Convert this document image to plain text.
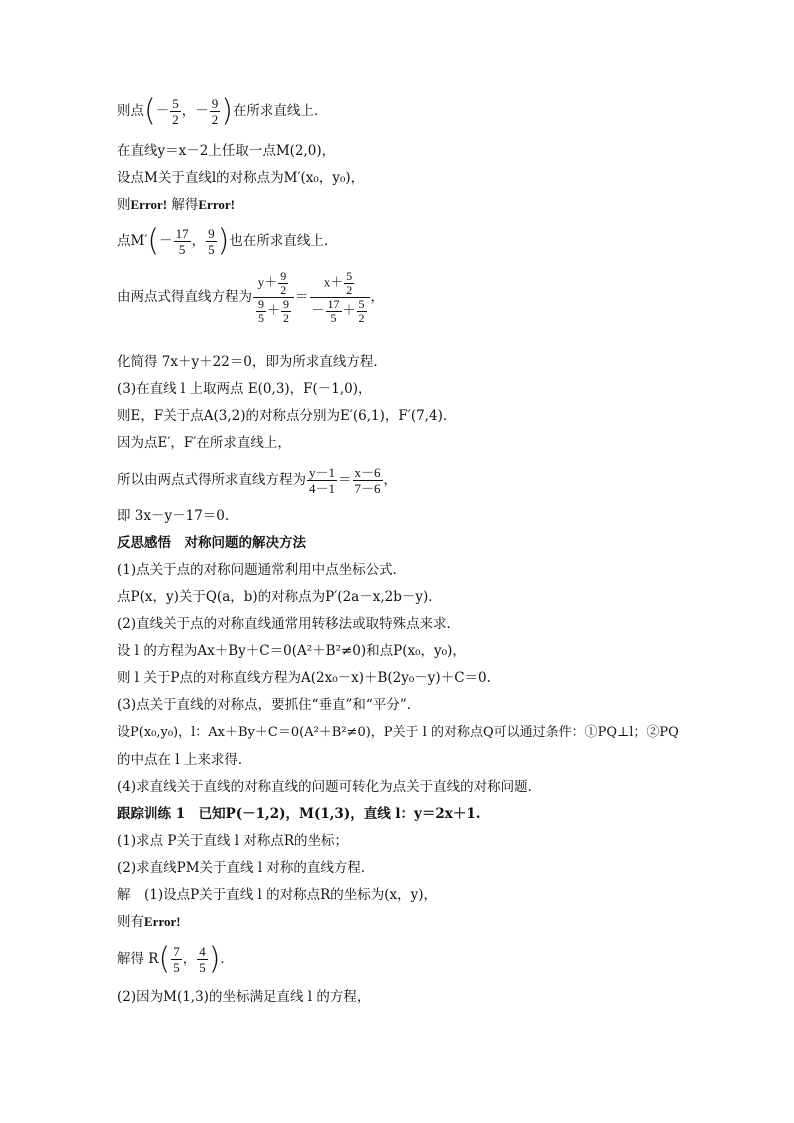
则点(－ $\frac{5}{2}$ ，－ $\frac{9}{2}$ )在所求直线上．
在直线y＝x－2上任取一点M(2,0)，
设点M关于直线l的对称点为M′(x₀，y₀)，
则Error! 解得Error!
点$M'(- \frac{17}{5}$ ， $\frac{9}{5}$ )也在所求直线上．
由两点式得直线方程为 $\frac{y+ \frac{9}{2}}{\frac{9}{5} + \frac{9}{2}} = \frac{x+ \frac{5}{2}}{- \frac{17}{5} + \frac{5}{2}}$ ，
化简得 7x＋y＋22＝0，即为所求直线方程．
(3)在直线 l 上取两点 E(0,3)，F(－1,0)，
则E，F关于点A(3,2)的对称点分别为E′(6,1)，F′(7,4)．
因为点E′，F′在所求直线上，
所以由两点式得所求直线方程为 $\frac{y-1}{4-1} = \frac{x-6}{7-6}$ ，
即 3x－y－17＝0.
反思感悟　对称问题的解决方法
(1)点关于点的对称问题通常利用中点坐标公式．
点P(x，y)关于Q(a，b)的对称点为P′(2a－x,2b－y)．
(2)直线关于点的对称直线通常用转移法或取特殊点来求．
设 l 的方程为Ax＋By＋C＝0(A²＋B²≠0)和点P(x₀，y₀)，
则 l 关于P点的对称直线方程为A(2x₀－x)＋B(2y₀－y)＋C＝0.
(3)点关于直线的对称点，要抓住“垂直”和“平分”．
设P(x₀,y₀)，l：Ax＋By＋C＝0(A²＋B²≠0)，P关于 l 的对称点Q可以通过条件：①PQ⊥l；②PQ
的中点在 l 上来求得．
(4)求直线关于直线的对称直线的问题可转化为点关于直线的对称问题．
跟踪训练 1　已知P(－1,2)，M(1,3)，直线 l：y＝2x＋1.
(1)求点 P关于直线 l 对称点R的坐标；
(2)求直线PM关于直线 l 对称的直线方程．
解　(1)设点P关于直线 l 的对称点R的坐标为(x，y)，
则有Error!
解得 $R( \frac{7}{5}$ ， $\frac{4}{5}$ )．
(2)因为M(1,3)的坐标满足直线 l 的方程，
